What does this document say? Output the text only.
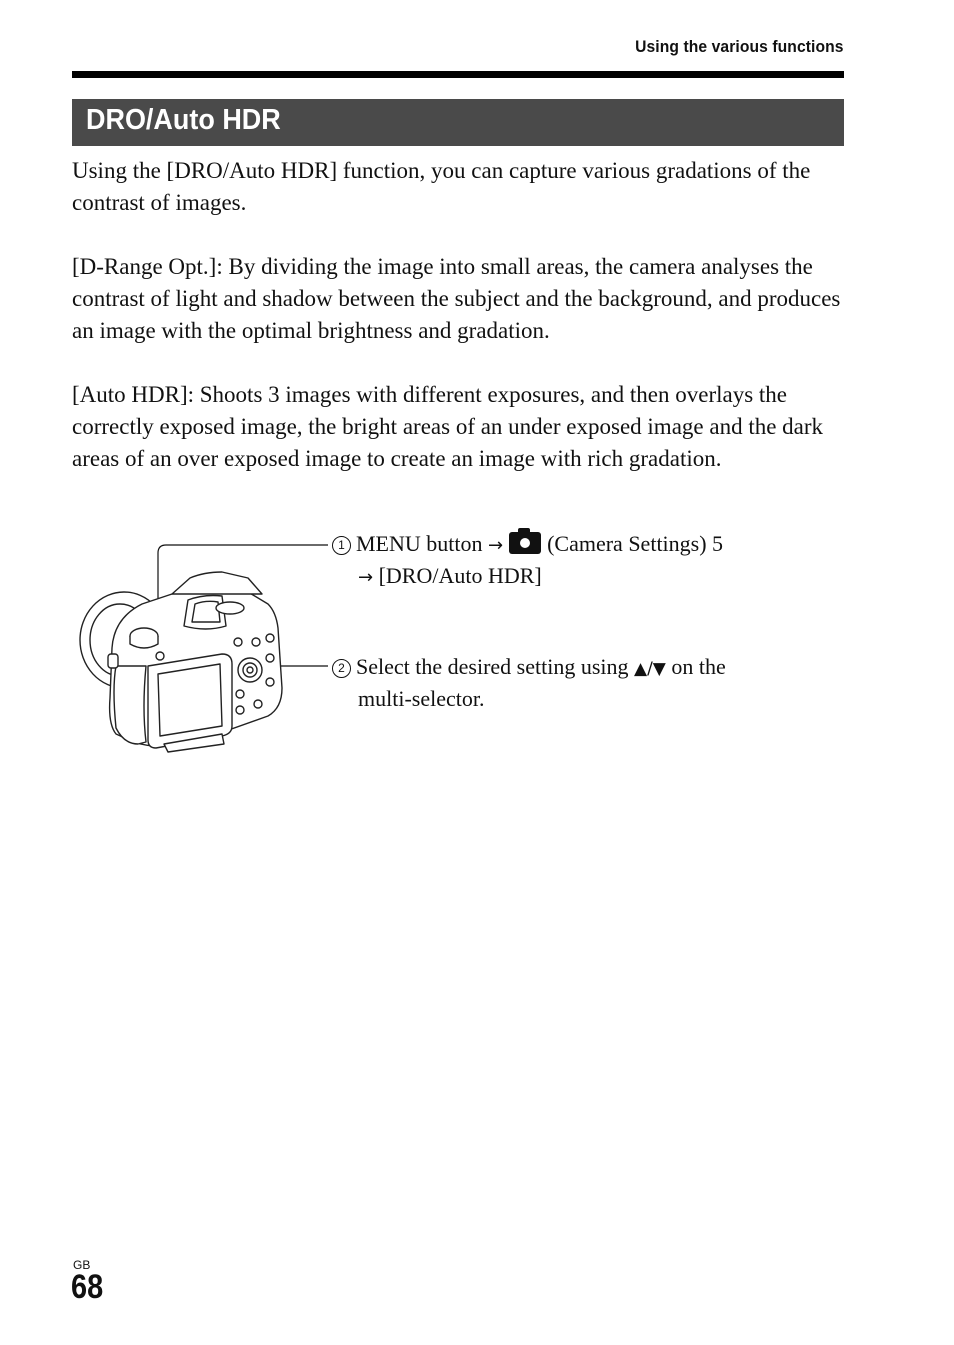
Using the various functions
DRO/Auto HDR

Using the [DRO/Auto HDR] function, you can capture various gradations of the contrast of images.

[D-Range Opt.]: By dividing the image into small areas, the camera analyses the contrast of light and shadow between the subject and the background, and produces an image with the optimal brightness and gradation.

[Auto HDR]: Shoots 3 images with different exposures, and then overlays the correctly exposed image, the bright areas of an under exposed image and the dark areas of an over exposed image to create an image with rich gradation.

1 MENU button → (Camera Settings) 5
→ [DRO/Auto HDR]
2 Select the desired setting using ▲/▼ on the
multi-selector.
GB
68
